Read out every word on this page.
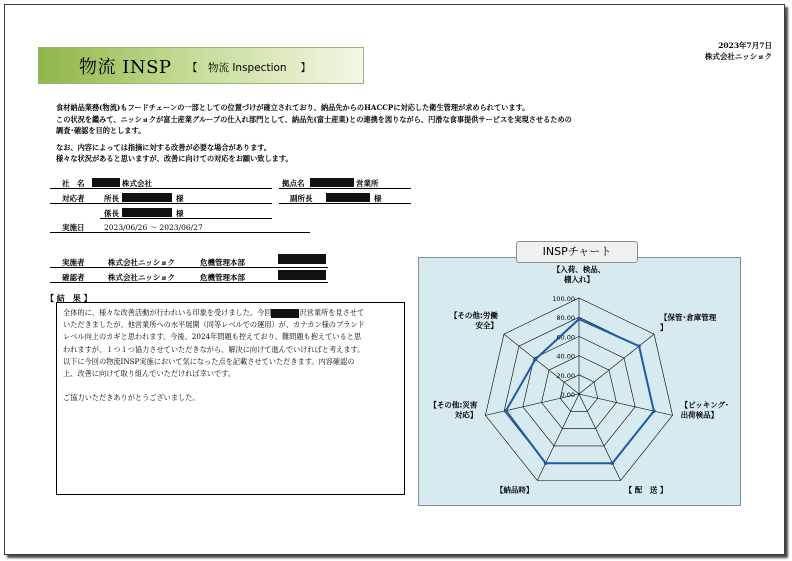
物流 INSP 【　物流 Inspection　 】
2023年7月7日
株式会社ニッショク

食材納品業務(物流)もフードチェーンの一部としての位置づけが確立されており、納品先からのHACCPに対応した衛生管理が求められています。

この状況を鑑みて、ニッショクが富士産業グループの仕入れ部門として、納品先(富士産業)との連携を図りながら、円滑な食事提供サービスを実現させるための

調査･確認を目的とします。

なお、内容によっては指摘に対する改善が必要な場合があります。

様々な状況があると思いますが、改善に向けての対応をお願い致します。

社　名	株式会社	拠点名	営業所
対応者	所長	様	副所長	様
係長	様
実施日	2023/06/26 ～ 2023/06/27
実施者	株式会社ニッショク	危機管理本部
確認者	株式会社ニッショク	危機管理本部
【 結　果 】

全体的に、様々な改善活動が行われいる印象を受けました。今回	沢営業所を見させて

いただきましたが、他営業所への水平展開（同等レベルでの運用）が、カナカン様のブランド

レベル向上のカギと思われます。今後、2024年問題も控えており、難問題も抱えていると思

われますが、１つ１つ協力させていただきながら、解決に向けて進んでいければと考えます。

以下に今回の物流INSP実施において気になった点を記載させていただきます。内容確認の

上、改善に向けて取り組んでいただければ幸いです。

ご協力いただきありがとうございました。

100.00
80.00
60.00
40.00
20.00
0.00
【入荷、検品、棚入れ】
【保管･倉庫管理】
【ピッキング･出荷検品】
【 配　送 】
【納品時】
【その他:災害対応】
【その他:労働安全】
INSPチャート
